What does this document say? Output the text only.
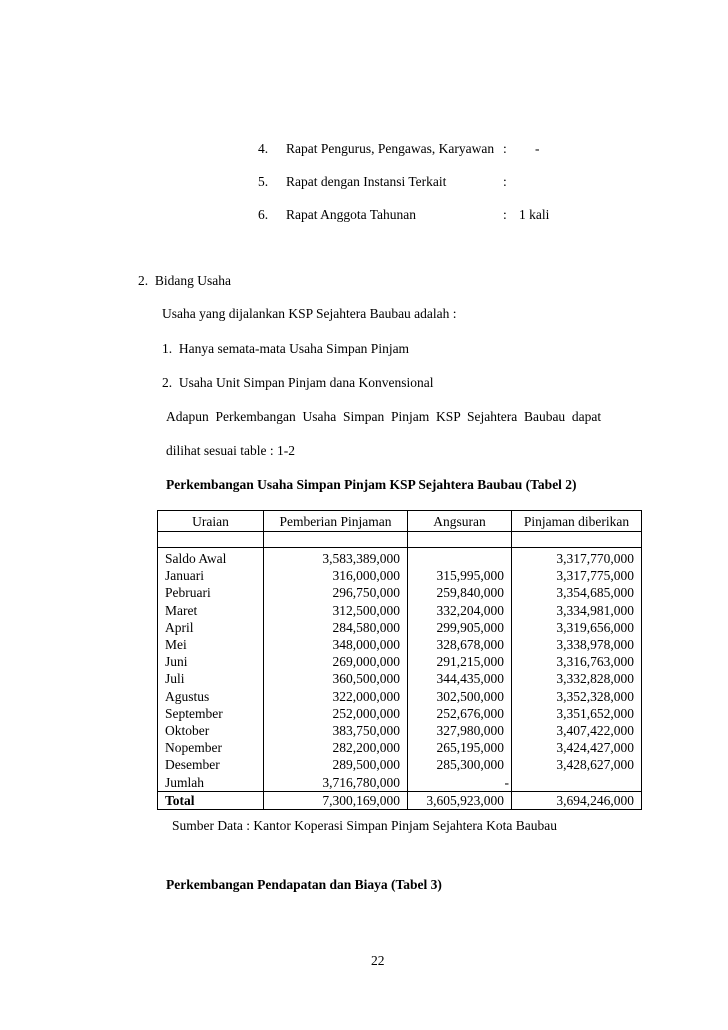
4. Rapat Pengurus, Pengawas, Karyawan : -
5. Rapat dengan Instansi Terkait	:
6. Rapat Anggota Tahunan	: 1 kali
2.  Bidang Usaha
Usaha yang dijalankan KSP Sejahtera Baubau adalah :
1.  Hanya semata-mata Usaha Simpan Pinjam
2.  Usaha Unit Simpan Pinjam dana Konvensional
Adapun  Perkembangan  Usaha  Simpan  Pinjam  KSP  Sejahtera  Baubau  dapat
dilihat sesuai table : 1-2
Perkembangan Usaha Simpan Pinjam KSP Sejahtera Baubau (Tabel 2)
Uraian	Pemberian Pinjaman	Angsuran	Pinjaman diberikan

Saldo Awal	3,583,389,000		3,317,770,000
Januari	316,000,000	315,995,000	3,317,775,000
Pebruari	296,750,000	259,840,000	3,354,685,000
Maret	312,500,000	332,204,000	3,334,981,000
April	284,580,000	299,905,000	3,319,656,000
Mei	348,000,000	328,678,000	3,338,978,000
Juni	269,000,000	291,215,000	3,316,763,000
Juli	360,500,000	344,435,000	3,332,828,000
Agustus	322,000,000	302,500,000	3,352,328,000
September	252,000,000	252,676,000	3,351,652,000
Oktober	383,750,000	327,980,000	3,407,422,000
Nopember	282,200,000	265,195,000	3,424,427,000
Desember	289,500,000	285,300,000	3,428,627,000
Jumlah	3,716,780,000	-	
Total	7,300,169,000	3,605,923,000	3,694,246,000
Sumber Data : Kantor Koperasi Simpan Pinjam Sejahtera Kota Baubau
Perkembangan Pendapatan dan Biaya (Tabel 3)
22
